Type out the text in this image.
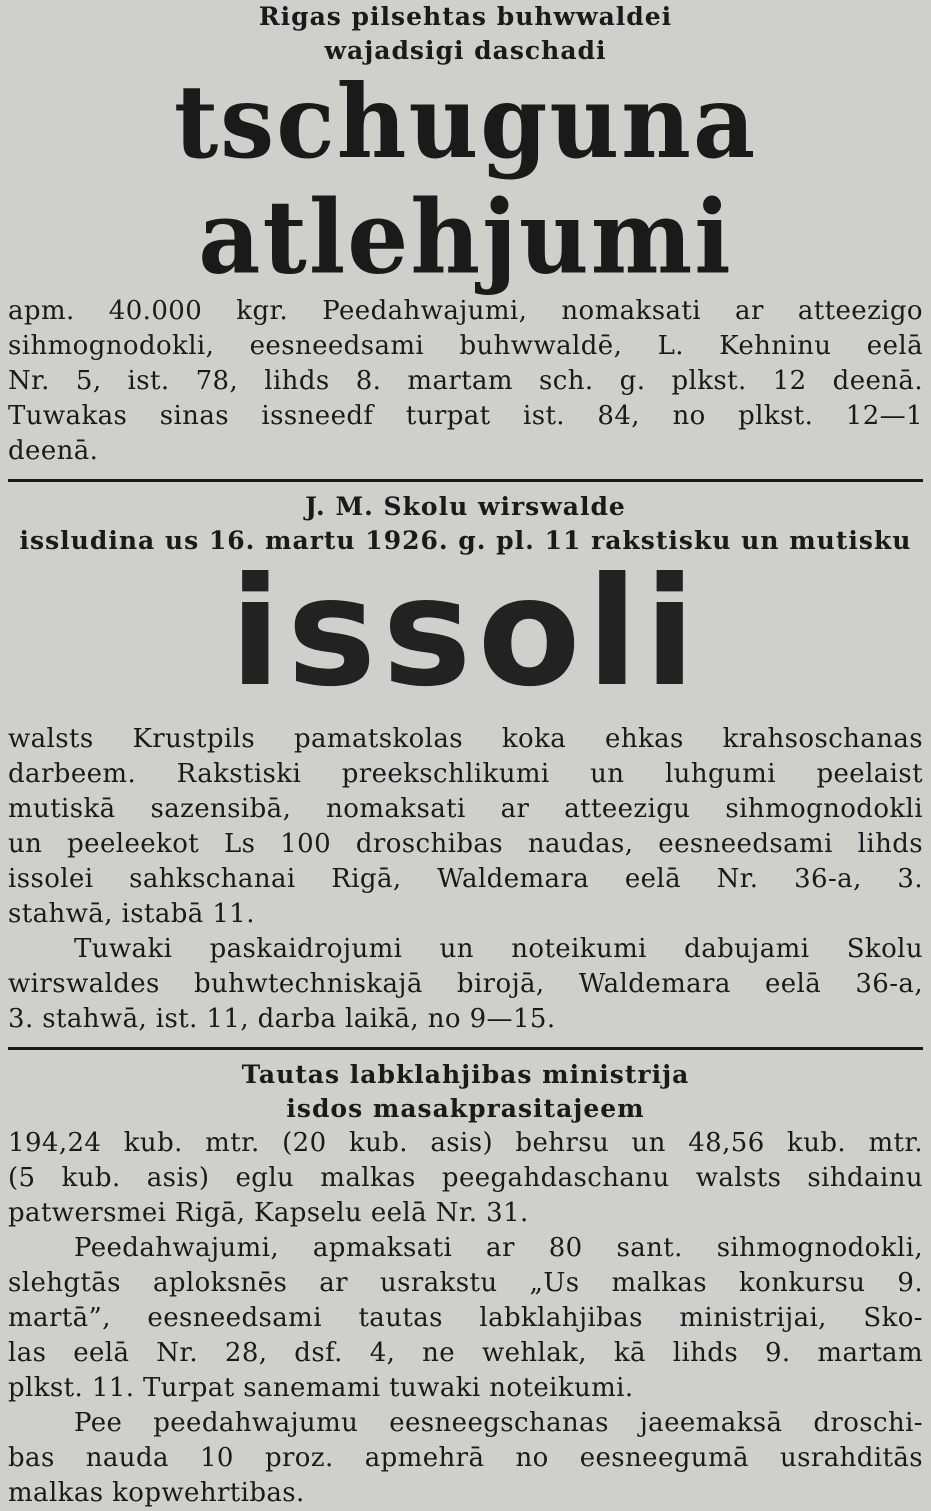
Rigas pilsehtas buhwwaldei
wajadsigi daschadi
tschuguna atlehjumi
apm. 40.000 kgr. Peedahwajumi, nomaksati ar atteezigo
sihmognodokli, eesneedsami buhwwaldē, L. Kehninu eelā
Nr. 5, ist. 78, lihds 8. martam sch. g. plkst. 12 deenā.
Tuwakas sinas issneedf turpat ist. 84, no plkst. 12—1
deenā.
J. M. Skolu wirswalde
issludina us 16. martu 1926. g. pl. 11 rakstisku un mutisku
issoli
walsts Krustpils pamatskolas koka ehkas krahsoschanas
darbeem. Rakstiski preekschlikumi un luhgumi peelaist
mutiskā sazensibā, nomaksati ar atteezigu sihmognodokli
un peeleekot Ls 100 droschibas naudas, eesneedsami lihds
issolei sahkschanai Rigā, Waldemara eelā Nr. 36-a, 3.
stahwā, istabā 11.
Tuwaki paskaidrojumi un noteikumi dabujami Skolu
wirswaldes buhwtechniskajā birojā, Waldemara eelā 36-a,
3. stahwā, ist. 11, darba laikā, no 9—15.
Tautas labklahjibas ministrija
isdos masakprasitajeem
194,24 kub. mtr. (20 kub. asis) behrsu un 48,56 kub. mtr.
(5 kub. asis) eglu malkas peegahdaschanu walsts sihdainu
patwersmei Rigā, Kapselu eelā Nr. 31.
Peedahwajumi, apmaksati ar 80 sant. sihmognodokli,
slehgtās aploksnēs ar usrakstu „Us malkas konkursu 9.
martā”, eesneedsami tautas labklahjibas ministrijai, Sko-
las eelā Nr. 28, dsf. 4, ne wehlak, kā lihds 9. martam
plkst. 11. Turpat sanemami tuwaki noteikumi.
Pee peedahwajumu eesneegschanas jaeemaksā droschi-
bas nauda 10 proz. apmehrā no eesneegumā usrahditās
malkas kopwehrtibas.
